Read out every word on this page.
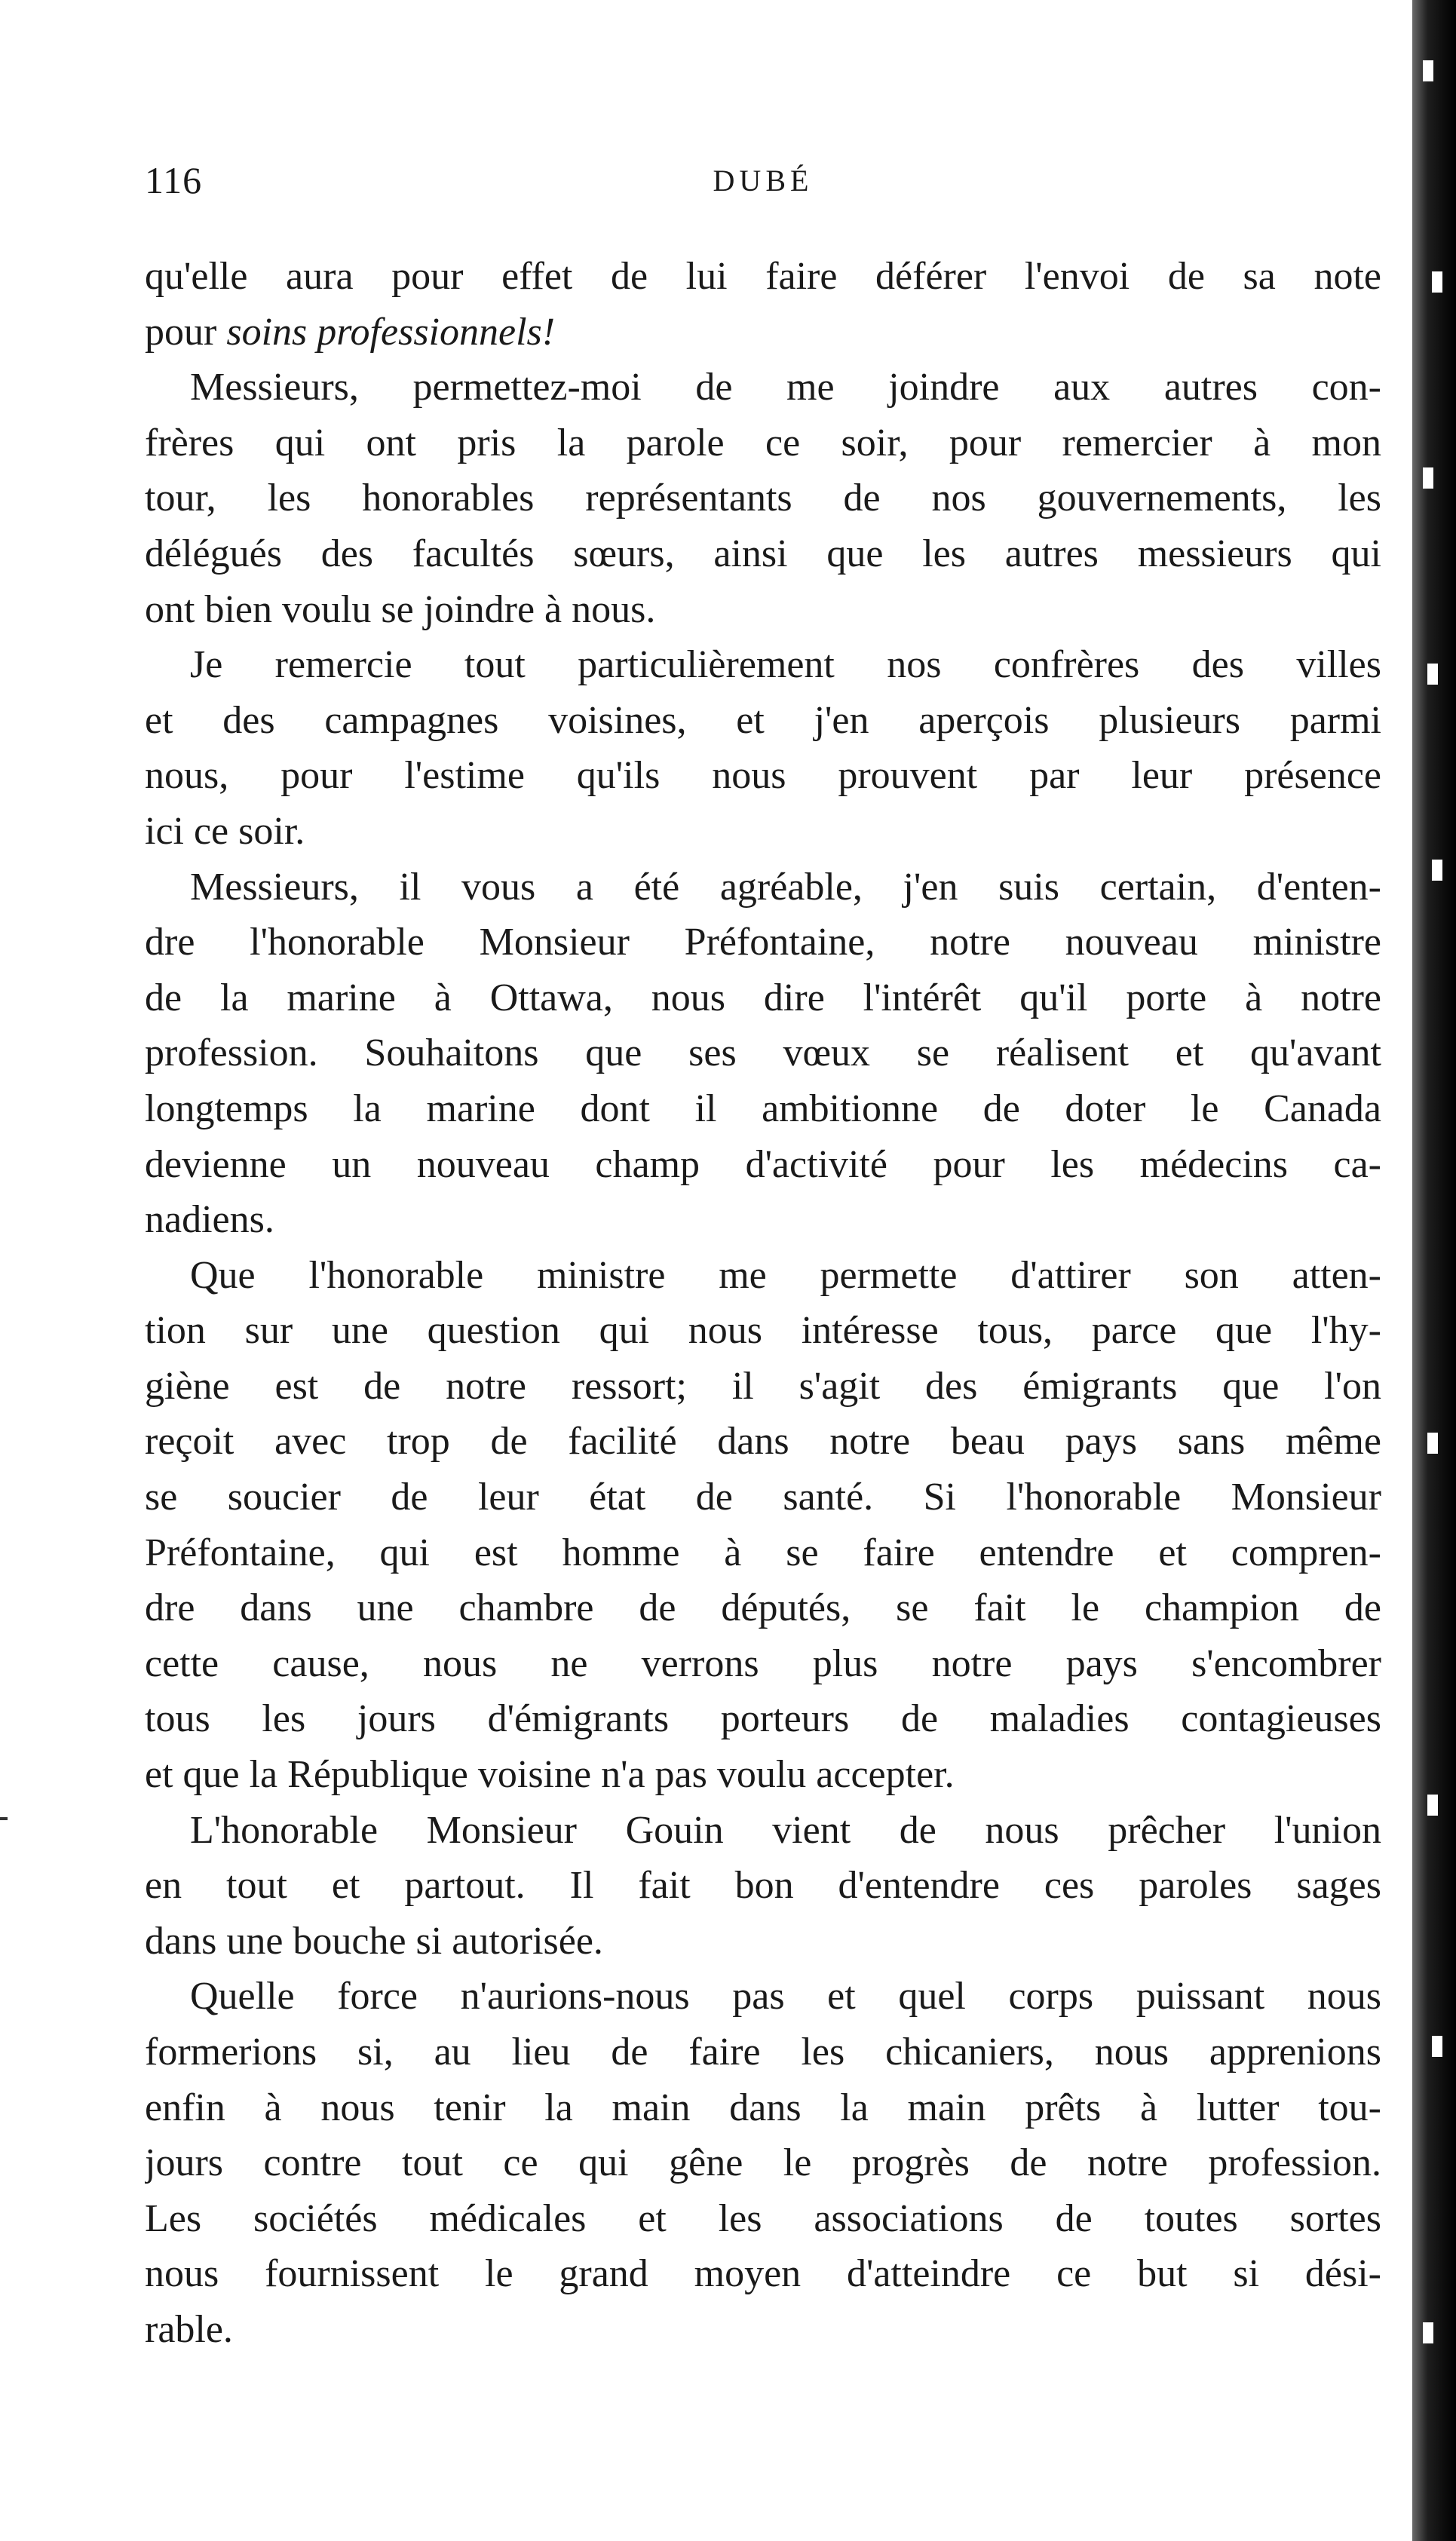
116	DUBÉ
qu'elle aura pour effet de lui faire déférer l'envoi de sa note
pour soins professionnels!
Messieurs, permettez-moi de me joindre aux autres con-
frères qui ont pris la parole ce soir, pour remercier à mon
tour, les honorables représentants de nos gouvernements, les
délégués des facultés sœurs, ainsi que les autres messieurs qui
ont bien voulu se joindre à nous.
Je remercie tout particulièrement nos confrères des villes
et des campagnes voisines, et j'en aperçois plusieurs parmi
nous, pour l'estime qu'ils nous prouvent par leur présence
ici ce soir.
Messieurs, il vous a été agréable, j'en suis certain, d'enten-
dre l'honorable Monsieur Préfontaine, notre nouveau ministre
de la marine à Ottawa, nous dire l'intérêt qu'il porte à notre
profession. Souhaitons que ses vœux se réalisent et qu'avant
longtemps la marine dont il ambitionne de doter le Canada
devienne un nouveau champ d'activité pour les médecins ca-
nadiens.
Que l'honorable ministre me permette d'attirer son atten-
tion sur une question qui nous intéresse tous, parce que l'hy-
giène est de notre ressort; il s'agit des émigrants que l'on
reçoit avec trop de facilité dans notre beau pays sans même
se soucier de leur état de santé. Si l'honorable Monsieur
Préfontaine, qui est homme à se faire entendre et compren-
dre dans une chambre de députés, se fait le champion de
cette cause, nous ne verrons plus notre pays s'encombrer
tous les jours d'émigrants porteurs de maladies contagieuses
et que la République voisine n'a pas voulu accepter.
L'honorable Monsieur Gouin vient de nous prêcher l'union
en tout et partout. Il fait bon d'entendre ces paroles sages
dans une bouche si autorisée.
Quelle force n'aurions-nous pas et quel corps puissant nous
formerions si, au lieu de faire les chicaniers, nous apprenions
enfin à nous tenir la main dans la main prêts à lutter tou-
jours contre tout ce qui gêne le progrès de notre profession.
Les sociétés médicales et les associations de toutes sortes
nous fournissent le grand moyen d'atteindre ce but si dési-
rable.
